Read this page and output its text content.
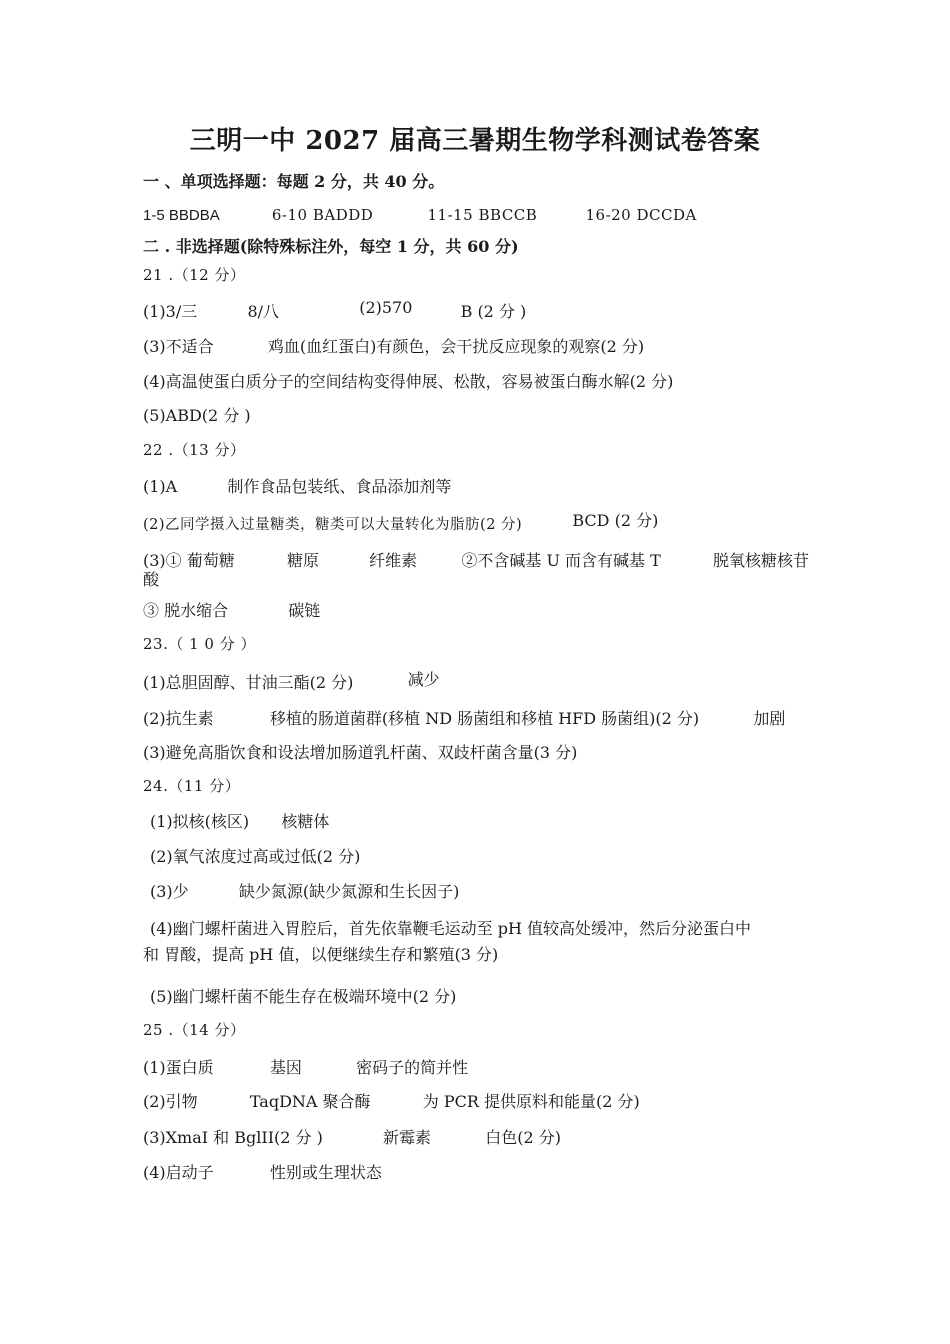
三明一中 2027 届高三暑期生物学科测试卷答案
一 、单项选择题：每题 2 分，共 40 分。
1-5 BBDBA	6-10 BADDD	11-15 BBCCB	16-20 DCCDA
二 . 非选择题(除特殊标注外，每空 1 分，共 60 分)
21 .（12 分）
(1)3/三	8/八	(2)570	B (2 分 )
(3)不适合	鸡血(血红蛋白)有颜色，会干扰反应现象的观察(2 分)
(4)高温使蛋白质分子的空间结构变得伸展、松散，容易被蛋白酶水解(2 分)
(5)ABD(2 分 )
22 .（13 分）
(1)A	制作食品包装纸、食品添加剂等
(2)乙同学摄入过量糖类，糖类可以大量转化为脂肪(2 分)	BCD (2 分)
(3)① 葡萄糖	糖原	纤维素	②不含碱基 U 而含有碱基 T	脱氧核糖核苷
酸
③ 脱水缩合	碳链
23.（ 1 0 分 ）
(1)总胆固醇、甘油三酯(2 分)	减少
(2)抗生素	移植的肠道菌群(移植 ND 肠菌组和移植 HFD 肠菌组)(2 分)	加剧
(3)避免高脂饮食和设法增加肠道乳杆菌、双歧杆菌含量(3 分)
24.（11 分）
(1)拟核(核区) 核糖体
(2)氧气浓度过高或过低(2 分)
(3)少	缺少氮源(缺少氮源和生长因子)
(4)幽门螺杆菌进入胃腔后，首先依靠鞭毛运动至 pH 值较高处缓冲，然后分泌蛋白中
和 胃酸，提高 pH 值，以便继续生存和繁殖(3 分)
(5)幽门螺杆菌不能生存在极端环境中(2 分)
25 .（14 分）
(1)蛋白质	基因	密码子的简并性
(2)引物	TaqDNA 聚合酶	为 PCR 提供原料和能量(2 分)
(3)XmaI 和 BglII(2 分 )	新霉素	白色(2 分)
(4)启动子	性别或生理状态
